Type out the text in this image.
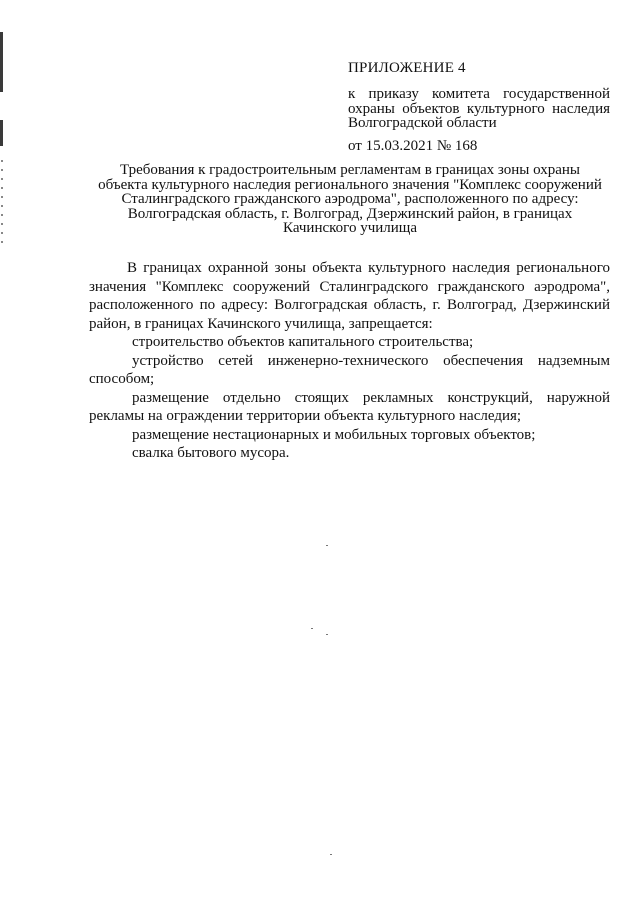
ПРИЛОЖЕНИЕ 4
к приказу комитета государственной
охраны объектов культурного наследия
Волгоградской области
от 15.03.2021 № 168
Требования к градостроительным регламентам в границах зоны охраны
объекта культурного наследия регионального значения "Комплекс сооружений
Сталинградского гражданского аэродрома", расположенного по адресу:
Волгоградская область, г. Волгоград, Дзержинский район, в границах
Качинского училища
В границах охранной зоны объекта культурного наследия регионального
значения "Комплекс сооружений Сталинградского гражданского аэродрома",
расположенного по адресу: Волгоградская область, г. Волгоград, Дзержинский
район, в границах Качинского училища, запрещается:
строительство объектов капитального строительства;
устройство сетей инженерно-технического обеспечения надземным
способом;
размещение отдельно стоящих рекламных конструкций, наружной
рекламы на ограждении территории объекта культурного наследия;
размещение нестационарных и мобильных торговых объектов;
свалка бытового мусора.
